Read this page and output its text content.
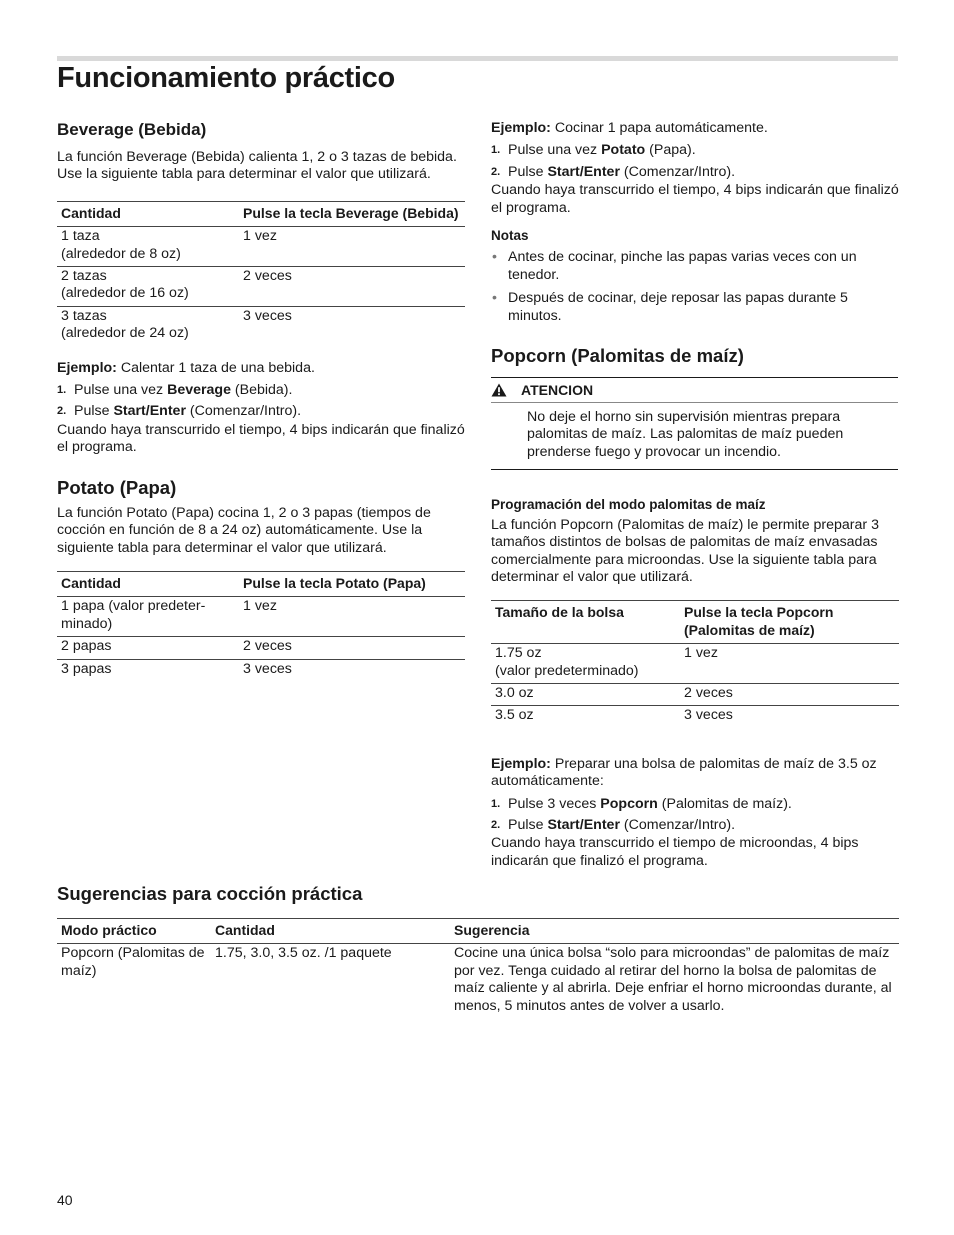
Funcionamiento práctico
Beverage (Bebida)

La función Beverage (Bebida) calienta 1, 2 o 3 tazas de bebida. Use la siguiente tabla para determinar el valor que utilizará.

Cantidad	Pulse la tecla Beverage (Bebida)
1 taza
(alrededor de 8 oz)	1 vez
2 tazas
(alrededor de 16 oz)	2 veces
3 tazas
(alrededor de 24 oz)	3 veces

Ejemplo: Calentar 1 taza de una bebida.

1. Pulse una vez Beverage (Bebida).
2. Pulse Start/Enter (Comenzar/Intro).

Cuando haya transcurrido el tiempo, 4 bips indicarán que finalizó el programa.

Potato (Papa)

La función Potato (Papa) cocina 1, 2 o 3 papas (tiempos de cocción en función de 8 a 24 oz) automáticamente. Use la siguiente tabla para determinar el valor que utilizará.

Cantidad	Pulse la tecla Potato (Papa)
1 papa (valor predeter-
minado)	1 vez
2 papas	2 veces
3 papas	3 veces

Ejemplo: Cocinar 1 papa automáticamente.

1. Pulse una vez Potato (Papa).
2. Pulse Start/Enter (Comenzar/Intro).

Cuando haya transcurrido el tiempo, 4 bips indicarán que finalizó el programa.

Notas

• Antes de cocinar, pinche las papas varias veces con un tenedor.
• Después de cocinar, deje reposar las papas durante 5 minutos.
Popcorn (Palomitas de maíz)
ATENCION

No deje el horno sin supervisión mientras prepara palomitas de maíz. Las palomitas de maíz pueden prenderse fuego y provocar un incendio.

Programación del modo palomitas de maíz

La función Popcorn (Palomitas de maíz) le permite preparar 3 tamaños distintos de bolsas de palomitas de maíz envasadas comercialmente para microondas. Use la siguiente tabla para determinar el valor que utilizará.

Tamaño de la bolsa	Pulse la tecla Popcorn (Palomitas de maíz)
1.75 oz
(valor predeterminado)	1 vez
3.0 oz	2 veces
3.5 oz	3 veces

Ejemplo: Preparar una bolsa de palomitas de maíz de 3.5 oz automáticamente:

1. Pulse 3 veces Popcorn (Palomitas de maíz).
2. Pulse Start/Enter (Comenzar/Intro).

Cuando haya transcurrido el tiempo de microondas, 4 bips indicarán que finalizó el programa.

Sugerencias para cocción práctica
Modo práctico	Cantidad	Sugerencia
Popcorn (Palomitas de maíz)	1.75, 3.0, 3.5 oz. /1 paquete	Cocine una única bolsa “solo para microondas” de palomitas de maíz por vez. Tenga cuidado al retirar del horno la bolsa de palomitas de maíz caliente y al abrirla. Deje enfriar el horno microondas durante, al menos, 5 minutos antes de volver a usarlo.
40
